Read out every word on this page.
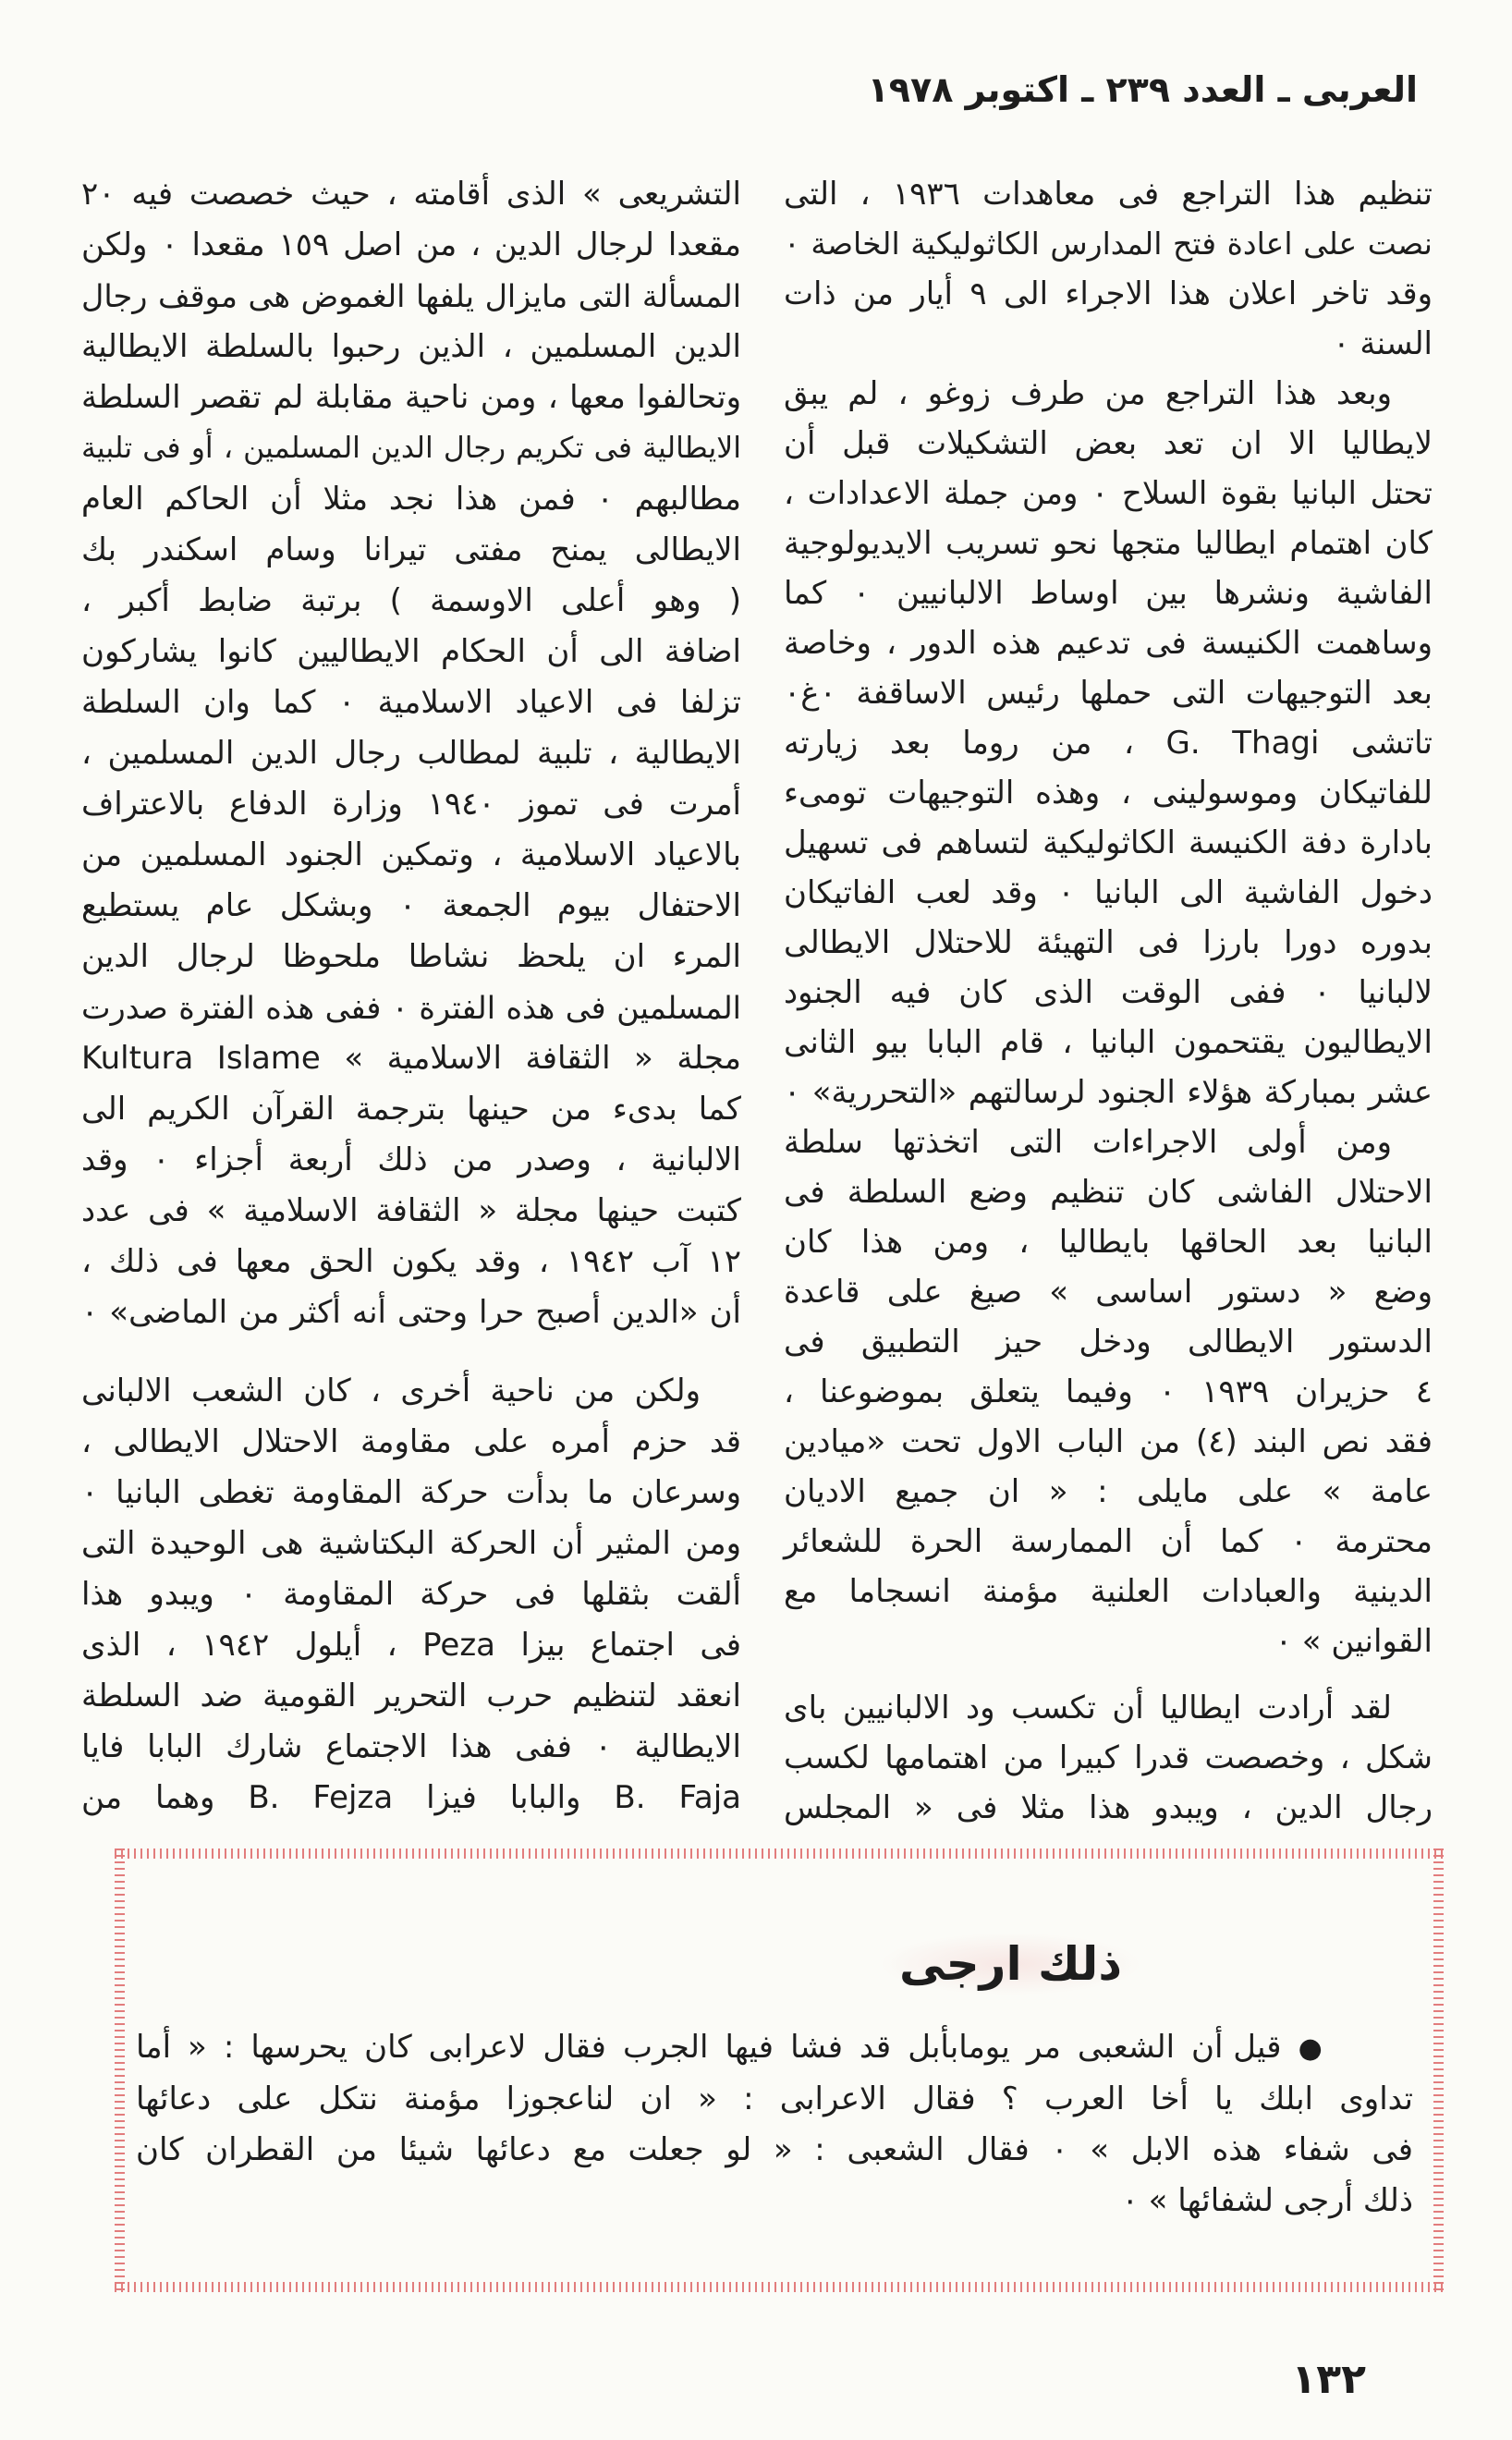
العربى ـ العدد ٢٣٩ ـ اكتوبر ١٩٧٨
تنظيم هذا التراجع فى معاهدات ١٩٣٦ ، التى
نصت على اعادة فتح المدارس الكاثوليكية الخاصة ٠
وقد تاخر اعلان هذا الاجراء الى ٩ أيار من ذات
السنة ٠
وبعد هذا التراجع من طرف زوغو ، لم يبق
لايطاليا الا ان تعد بعض التشكيلات قبل أن
تحتل البانيا بقوة السلاح ٠ ومن جملة الاعدادات ،
كان اهتمام ايطاليا متجها نحو تسريب الايديولوجية
الفاشية ونشرها بين اوساط الالبانيين ٠ كما
وساهمت الكنيسة فى تدعيم هذه الدور ، وخاصة
بعد التوجيهات التى حملها رئيس الاساقفة ٠غ٠
تاتشى G. Thagi ، من روما بعد زيارته
للفاتيكان وموسولينى ، وهذه التوجيهات تومىء
بادارة دفة الكنيسة الكاثوليكية لتساهم فى تسهيل
دخول الفاشية الى البانيا ٠ وقد لعب الفاتيكان
بدوره دورا بارزا فى التهيئة للاحتلال الايطالى
لالبانيا ٠ ففى الوقت الذى كان فيه الجنود
الايطاليون يقتحمون البانيا ، قام البابا بيو الثانى
عشر بمباركة هؤلاء الجنود لرسالتهم «التحررية» ٠
ومن أولى الاجراءات التى اتخذتها سلطة
الاحتلال الفاشى كان تنظيم وضع السلطة فى
البانيا بعد الحاقها بايطاليا ، ومن هذا كان
وضع « دستور اساسى » صيغ على قاعدة
الدستور الايطالى ودخل حيز التطبيق فى
٤ حزيران ١٩٣٩ ٠ وفيما يتعلق بموضوعنا ،
فقد نص البند (٤) من الباب الاول تحت «ميادين
عامة » على مايلى : « ان جميع الاديان
محترمة ٠ كما أن الممارسة الحرة للشعائر
الدينية والعبادات العلنية مؤمنة انسجاما مع
القوانين » ٠
لقد أرادت ايطاليا أن تكسب ود الالبانيين باى
شكل ، وخصصت قدرا كبيرا من اهتمامها لكسب
رجال الدين ، ويبدو هذا مثلا فى « المجلس
التشريعى » الذى أقامته ، حيث خصصت فيه ٢٠
مقعدا لرجال الدين ، من اصل ١٥٩ مقعدا ٠ ولكن
المسألة التى مايزال يلفها الغموض هى موقف رجال
الدين المسلمين ، الذين رحبوا بالسلطة الايطالية
وتحالفوا معها ، ومن ناحية مقابلة لم تقصر السلطة
الايطالية فى تكريم رجال الدين المسلمين ، أو فى تلبية
مطالبهم ٠ فمن هذا نجد مثلا أن الحاكم العام
الايطالى يمنح مفتى تيرانا وسام اسكندر بك
( وهو أعلى الاوسمة ) برتبة ضابط أكبر ،
اضافة الى أن الحكام الايطاليين كانوا يشاركون
تزلفا فى الاعياد الاسلامية ٠ كما وان السلطة
الايطالية ، تلبية لمطالب رجال الدين المسلمين ،
أمرت فى تموز ١٩٤٠ وزارة الدفاع بالاعتراف
بالاعياد الاسلامية ، وتمكين الجنود المسلمين من
الاحتفال بيوم الجمعة ٠ وبشكل عام يستطيع
المرء ان يلحظ نشاطا ملحوظا لرجال الدين
المسلمين فى هذه الفترة ٠ ففى هذه الفترة صدرت
مجلة « الثقافة الاسلامية » Kultura Islame
كما بدىء من حينها بترجمة القرآن الكريم الى
الالبانية ، وصدر من ذلك أربعة أجزاء ٠ وقد
كتبت حينها مجلة « الثقافة الاسلامية » فى عدد
١٢ آب ١٩٤٢ ، وقد يكون الحق معها فى ذلك ،
أن «الدين أصبح حرا وحتى أنه أكثر من الماضى» ٠
ولكن من ناحية أخرى ، كان الشعب الالبانى
قد حزم أمره على مقاومة الاحتلال الايطالى ،
وسرعان ما بدأت حركة المقاومة تغطى البانيا ٠
ومن المثير أن الحركة البكتاشية هى الوحيدة التى
ألقت بثقلها فى حركة المقاومة ٠ ويبدو هذا
فى اجتماع بيزا Peza ، أيلول ١٩٤٢ ، الذى
انعقد لتنظيم حرب التحرير القومية ضد السلطة
الايطالية ٠ ففى هذا الاجتماع شارك البابا فايا
B. Faja والبابا فيزا B. Fejza وهما من
ذلك ارجى
● قيل أن الشعبى مر يومابأبل قد فشا فيها الجرب فقال لاعرابى كان يحرسها : « أما
تداوى ابلك يا أخا العرب ؟ فقال الاعرابى : « ان لناعجوزا مؤمنة نتكل على دعائها
فى شفاء هذه الابل » ٠ فقال الشعبى : « لو جعلت مع دعائها شيئا من القطران كان
ذلك أرجى لشفائها » ٠
١٣٢
